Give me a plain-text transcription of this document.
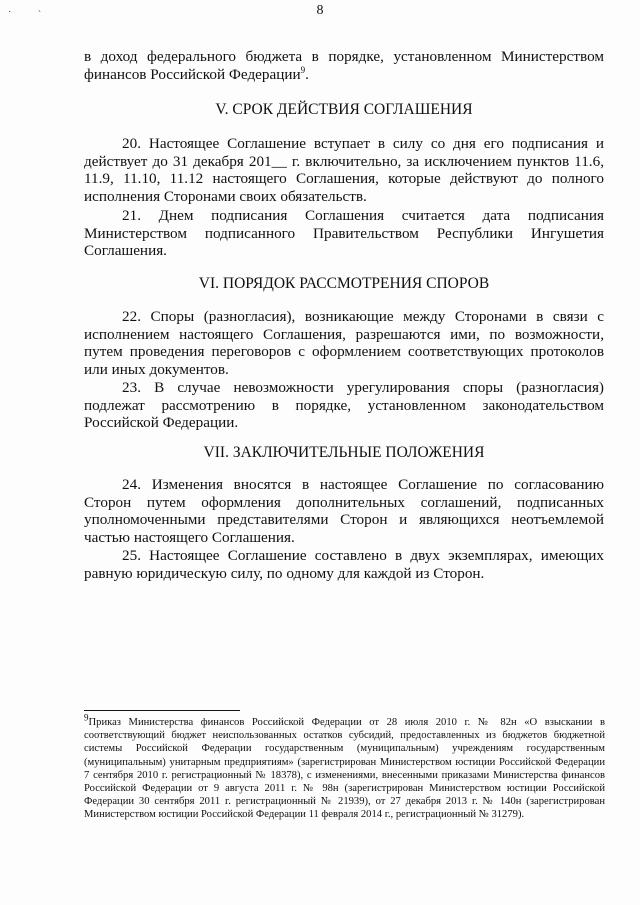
˙ `	8

в доход федерального бюджета в порядке, установленном Министерством финансов Российской Федерации$^9$.

V. СРОК ДЕЙСТВИЯ СОГЛАШЕНИЯ

20. Настоящее Соглашение вступает в силу со дня его подписания и действует до 31 декабря 201__ г. включительно, за исключением пунктов 11.6, 11.9, 11.10, 11.12 настоящего Соглашения, которые действуют до полного исполнения Сторонами своих обязательств.

21. Днем подписания Соглашения считается дата подписания Министерством подписанного Правительством Республики Ингушетия Соглашения.

VI. ПОРЯДОК РАССМОТРЕНИЯ СПОРОВ

22. Споры (разногласия), возникающие между Сторонами в связи с исполнением настоящего Соглашения, разрешаются ими, по возможности, путем проведения переговоров с оформлением соответствующих протоколов или иных документов.

23. В случае невозможности урегулирования споры (разногласия) подлежат рассмотрению в порядке, установленном законодательством Российской Федерации.

VII. ЗАКЛЮЧИТЕЛЬНЫЕ ПОЛОЖЕНИЯ

24. Изменения вносятся в настоящее Соглашение по согласованию Сторон путем оформления дополнительных соглашений, подписанных уполномоченными представителями Сторон и являющихся неотъемлемой частью настоящего Соглашения.

25. Настоящее Соглашение составлено в двух экземплярах, имеющих равную юридическую силу, по одному для каждой из Сторон.

$^9$Приказ Министерства финансов Российской Федерации от 28 июля 2010 г. № 82н «О взыскании в соответствующий бюджет неиспользованных остатков субсидий, предоставленных из бюджетов бюджетной системы Российской Федерации государственным (муниципальным) учреждениям государственным (муниципальным) унитарным предприятиям» (зарегистрирован Министерством юстиции Российской Федерации 7 сентября 2010 г. регистрационный № 18378), с изменениями, внесенными приказами Министерства финансов Российской Федерации от 9 августа 2011 г. № 98н (зарегистрирован Министерством юстиции Российской Федерации 30 сентября 2011 г. регистрационный № 21939), от 27 декабря 2013 г. № 140н (зарегистрирован Министерством юстиции Российской Федерации 11 февраля 2014 г., регистрационный № 31279).
